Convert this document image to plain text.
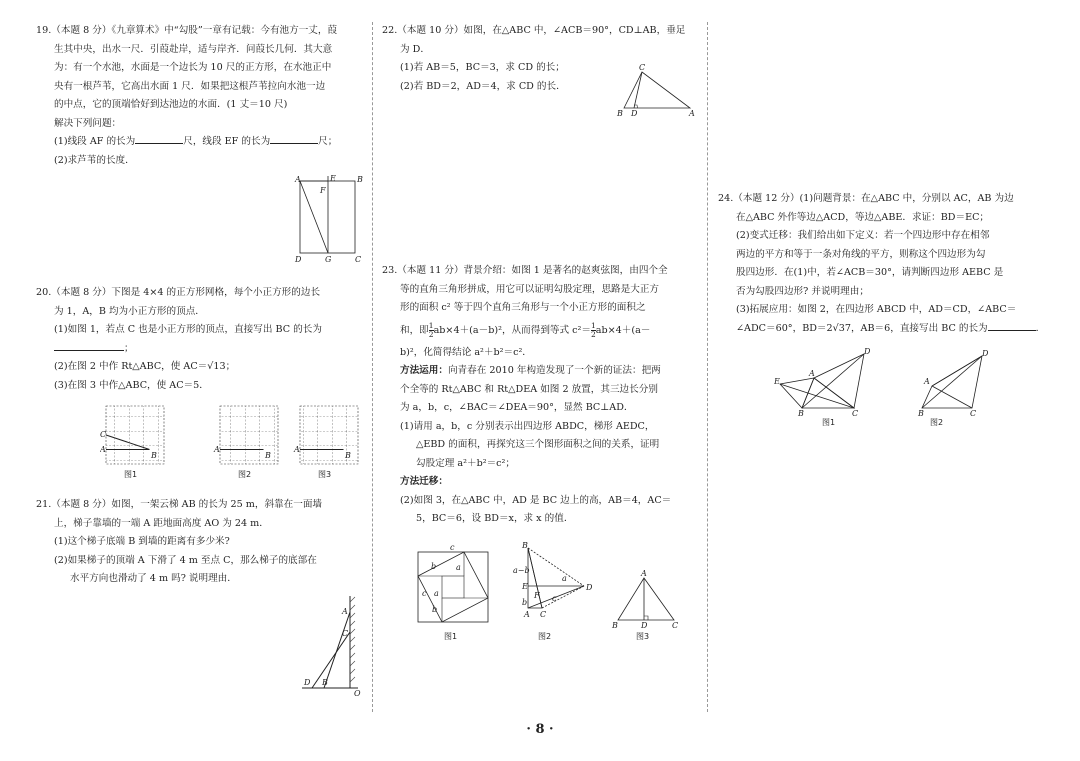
19.（本题 8 分）《九章算术》中“勾股”一章有记载：今有池方一丈，葭
生其中央，出水一尺．引葭赴岸，适与岸齐．问葭长几何．其大意
为：有一个水池，水面是一个边长为 10 尺的正方形，在水池正中
央有一根芦苇，它高出水面 1 尺．如果把这根芦苇拉向水池一边
的中点，它的顶端恰好到达池边的水面．(1 丈＝10 尺)
解决下列问题：
(1)线段 AF 的长为	尺，线段 EF 的长为	尺；
(2)求芦苇的长度．
A	E	B
F
D	G	C
20.（本题 8 分）下图是 4×4 的正方形网格，每个小正方形的边长
为 1，A，B 均为小正方形的顶点．
(1)如图 1，若点 C 也是小正方形的顶点，直接写出 BC 的长为
；
(2)在图 2 中作 Rt△ABC，使 AC＝√13；
(3)在图 3 中作△ABC，使 AC＝5．
C
A
B
A
B
A
B
图1	图2	图3
21.（本题 8 分）如图，一架云梯 AB 的长为 25 m，斜靠在一面墙
上，梯子靠墙的一端 A 距地面高度 AO 为 24 m．
(1)这个梯子底端 B 到墙的距离有多少米?
(2)如果梯子的顶端 A 下滑了 4 m 至点 C，那么梯子的底部在
水平方向也滑动了 4 m 吗? 说明理由．
A
C
D B
O
22.（本题 10 分）如图，在△ABC 中，∠ACB＝90°，CD⊥AB，垂足
为 D．
(1)若 AB＝5，BC＝3，求 CD 的长；
(2)若 BD＝2，AD＝4，求 CD 的长．
C
B D	A
23.（本题 11 分）背景介绍：如图 1 是著名的赵爽弦图，由四个全
等的直角三角形拼成，用它可以证明勾股定理，思路是大正方
形的面积 c² 等于四个直角三角形与一个小正方形的面积之
和，即 $\frac{1}{2} ab\times 4+(a-b)^2$，从而得到等式 $c^2= \frac{1}{2} ab\times 4+(a-$
b)²，化简得结论 a²＋b²＝c²．
方法运用：向青春在 2010 年构造发现了一个新的证法：把两
个全等的 Rt△ABC 和 Rt△DEA 如图 2 放置，其三边长分别
为 a，b，c，∠BAC＝∠DEA＝90°，显然 BC⊥AD．
(1)请用 a，b，c 分别表示出四边形 ABDC，梯形 AEDC，
△EBD 的面积，再探究这三个图形面积之间的关系，证明
勾股定理 a²＋b²＝c²；
方法迁移：
(2)如图 3，在△ABC 中，AD 是 BC 边上的高，AB＝4，AC＝
5，BC＝6，设 BD＝x，求 x 的值．
c
b a
c a
b
B
a−b
E
b
A C
D
F
a
c
A
B	D	C
图1	图2	图3
24.（本题 12 分）(1)问题背景：在△ABC 中，分别以 AC，AB 为边
在△ABC 外作等边△ACD，等边△ABE．求证：BD＝EC；
(2)变式迁移：我们给出如下定义：若一个四边形中存在相邻
两边的平方和等于一条对角线的平方，则称这个四边形为勾
股四边形．在(1)中，若∠ACB＝30°，请判断四边形 AEBC 是
否为勾股四边形? 并说明理由；
(3)拓展应用：如图 2，在四边形 ABCD 中，AD＝CD，∠ABC＝
∠ADC＝60°，BD＝2√37，AB＝6，直接写出 BC 的长为	．
A
E
B	C
D
A
B	C
D
图1	图2
· 8 ·
